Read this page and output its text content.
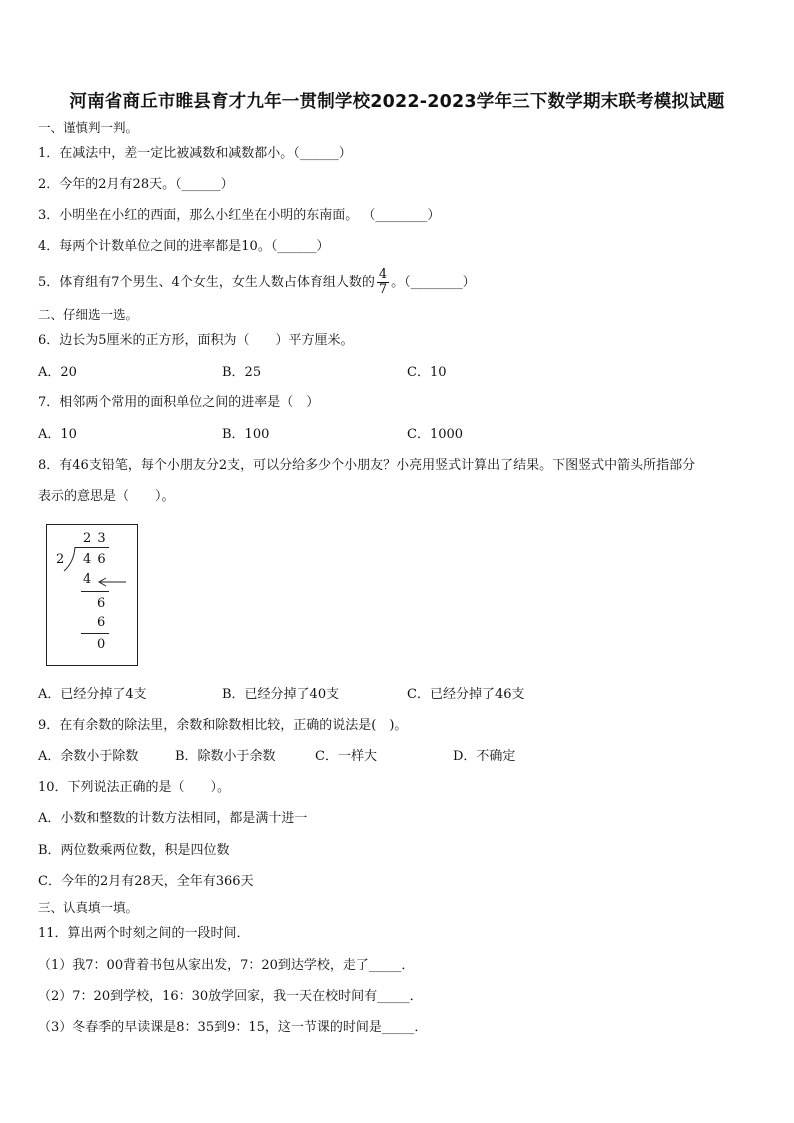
河南省商丘市睢县育才九年一贯制学校2022-2023学年三下数学期末联考模拟试题
一、谨慎判一判。
1．在减法中，差一定比被减数和减数都小。（______）
2．今年的2月有28天。（______）
3．小明坐在小红的西面，那么小红坐在小明的东南面。 （________）
4．每两个计数单位之间的进率都是10。（______）
5．体育组有7个男生、4个女生，女生人数占体育组人数的 $\frac{4}{7}$ 。（________）
二、仔细选一选。
6．边长为5厘米的正方形，面积为（　　）平方厘米。
A．20	B．25	C．10
7．相邻两个常用的面积单位之间的进率是（　）
A．10	B．100	C．1000
8．有46支铅笔，每个小朋友分2支，可以分给多少个小朋友？小亮用竖式计算出了结果。下图竖式中箭头所指部分
表示的意思是（　　）。
2 3
2 4 6
4
6
6
0
A．已经分掉了4支	B．已经分掉了40支	C．已经分掉了46支
9．在有余数的除法里，余数和除数相比较，正确的说法是(　)。
A．余数小于除数	B．除数小于余数	C．一样大	D．不确定
10．下列说法正确的是（　　）。
A．小数和整数的计数方法相同，都是满十进一
B．两位数乘两位数，积是四位数
C．今年的2月有28天，全年有366天
三、认真填一填。
11．算出两个时刻之间的一段时间．
（1）我7：00背着书包从家出发，7：20到达学校，走了_____．
（2）7：20到学校，16：30放学回家，我一天在校时间有_____．
（3）冬春季的早读课是8：35到9：15，这一节课的时间是_____．
